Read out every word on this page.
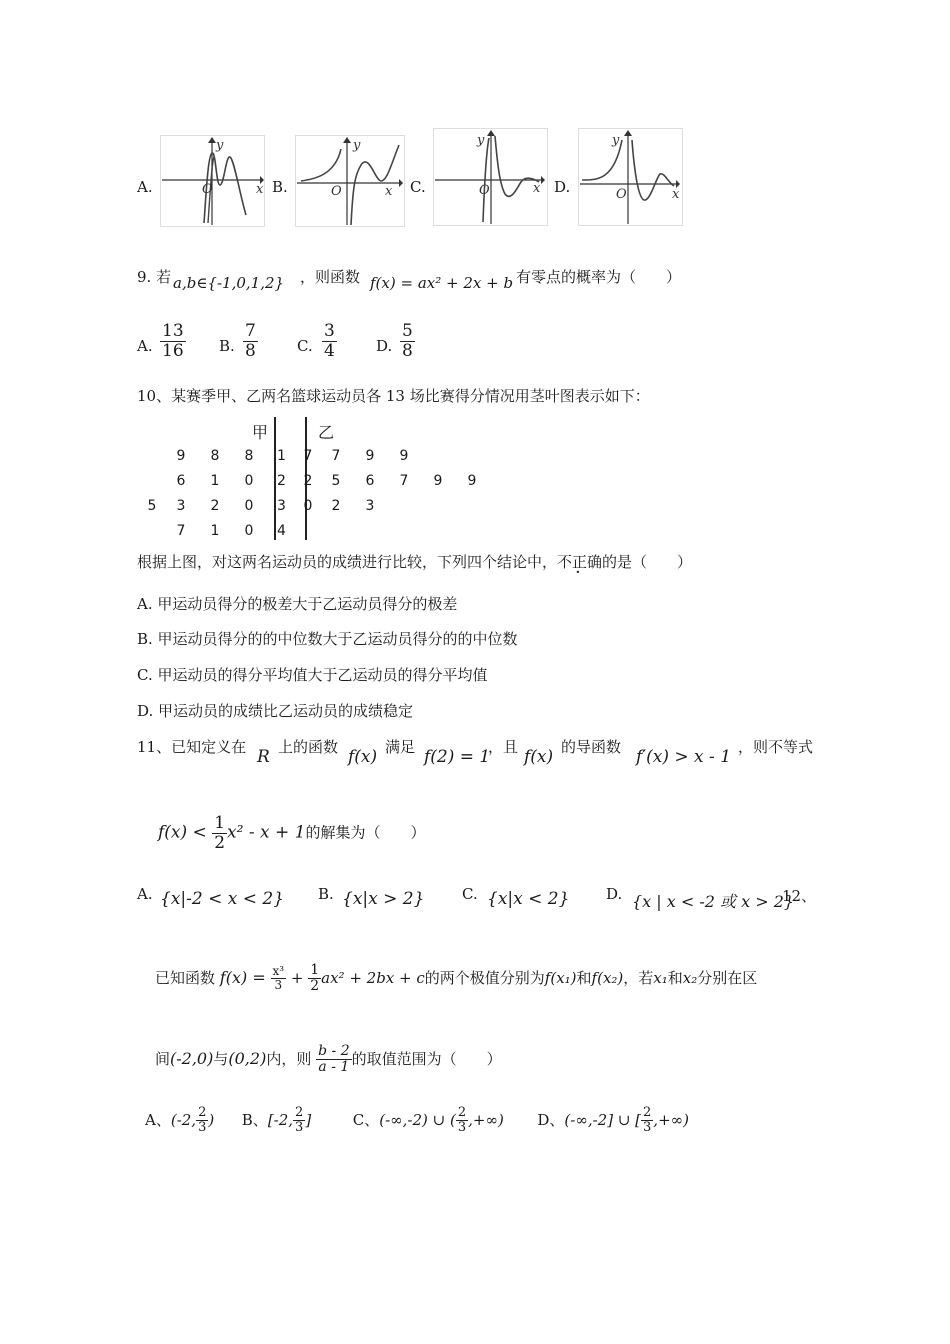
A.
y
x
O	B.
y
x
O	C.
y
x
O	D.
y
x
O
9. 若 a,b∈{-1,0,1,2} ，则函数 f(x) = ax² + 2x + b 有零点的概率为（　　）
A. $\frac{13}{16} B$. $\frac{7}{8}$	C. $\frac{3}{4}$	D. $\frac{5}{8}$
10、某赛季甲、乙两名篮球运动员各 13 场比赛得分情况用茎叶图表示如下：
甲	乙
	9	8	8	1	7	7	9	9		
	6	1	0	2	2	5	6	7	9	9
5	3	2	0	3	0	2	3			
	7	1	0	4						
根据上图，对这两名运动员的成绩进行比较，下列四个结论中，不正确的是（　　）
A. 甲运动员得分的极差大于乙运动员得分的极差
B. 甲运动员得分的的中位数大于乙运动员得分的的中位数
C. 甲运动员的得分平均值大于乙运动员的得分平均值
D. 甲运动员的成绩比乙运动员的成绩稳定
11、已知定义在 R 上的函数 f(x) 满足 f(2) = 1
，且 f(x) 的导函数 f′(x) > x - 1 ，则不等式
$f(x) < \frac{1}{2} x^2 - x + 1$的解集为（　　）
A. {x|-2 < x < 2} B. {x|x > 2}	C. {x|x < 2} D. {x | x < -2 或 x > 2}
12、
已知函数 $f(x) = \frac{\text{x³}}{3} + \frac{1}{2} ax^2 + 2bx + c$的两个极值分别为f(x₁)和f(x₂)，若x₁和x₂分别在区
间(-2,0)与(0,2)内，则 $\frac{b - 2}{a - 1}$ 的取值范围为（　　）
A、(-2, $\frac{2}{3}$ ) B、[-2, $\frac{2}{3}$ ]	C、(-∞,-2) ∪ ( $\frac{2}{3}$ ,+∞) D、(-∞,-2] ∪ [ $\frac{2}{3}$ ,+∞)
